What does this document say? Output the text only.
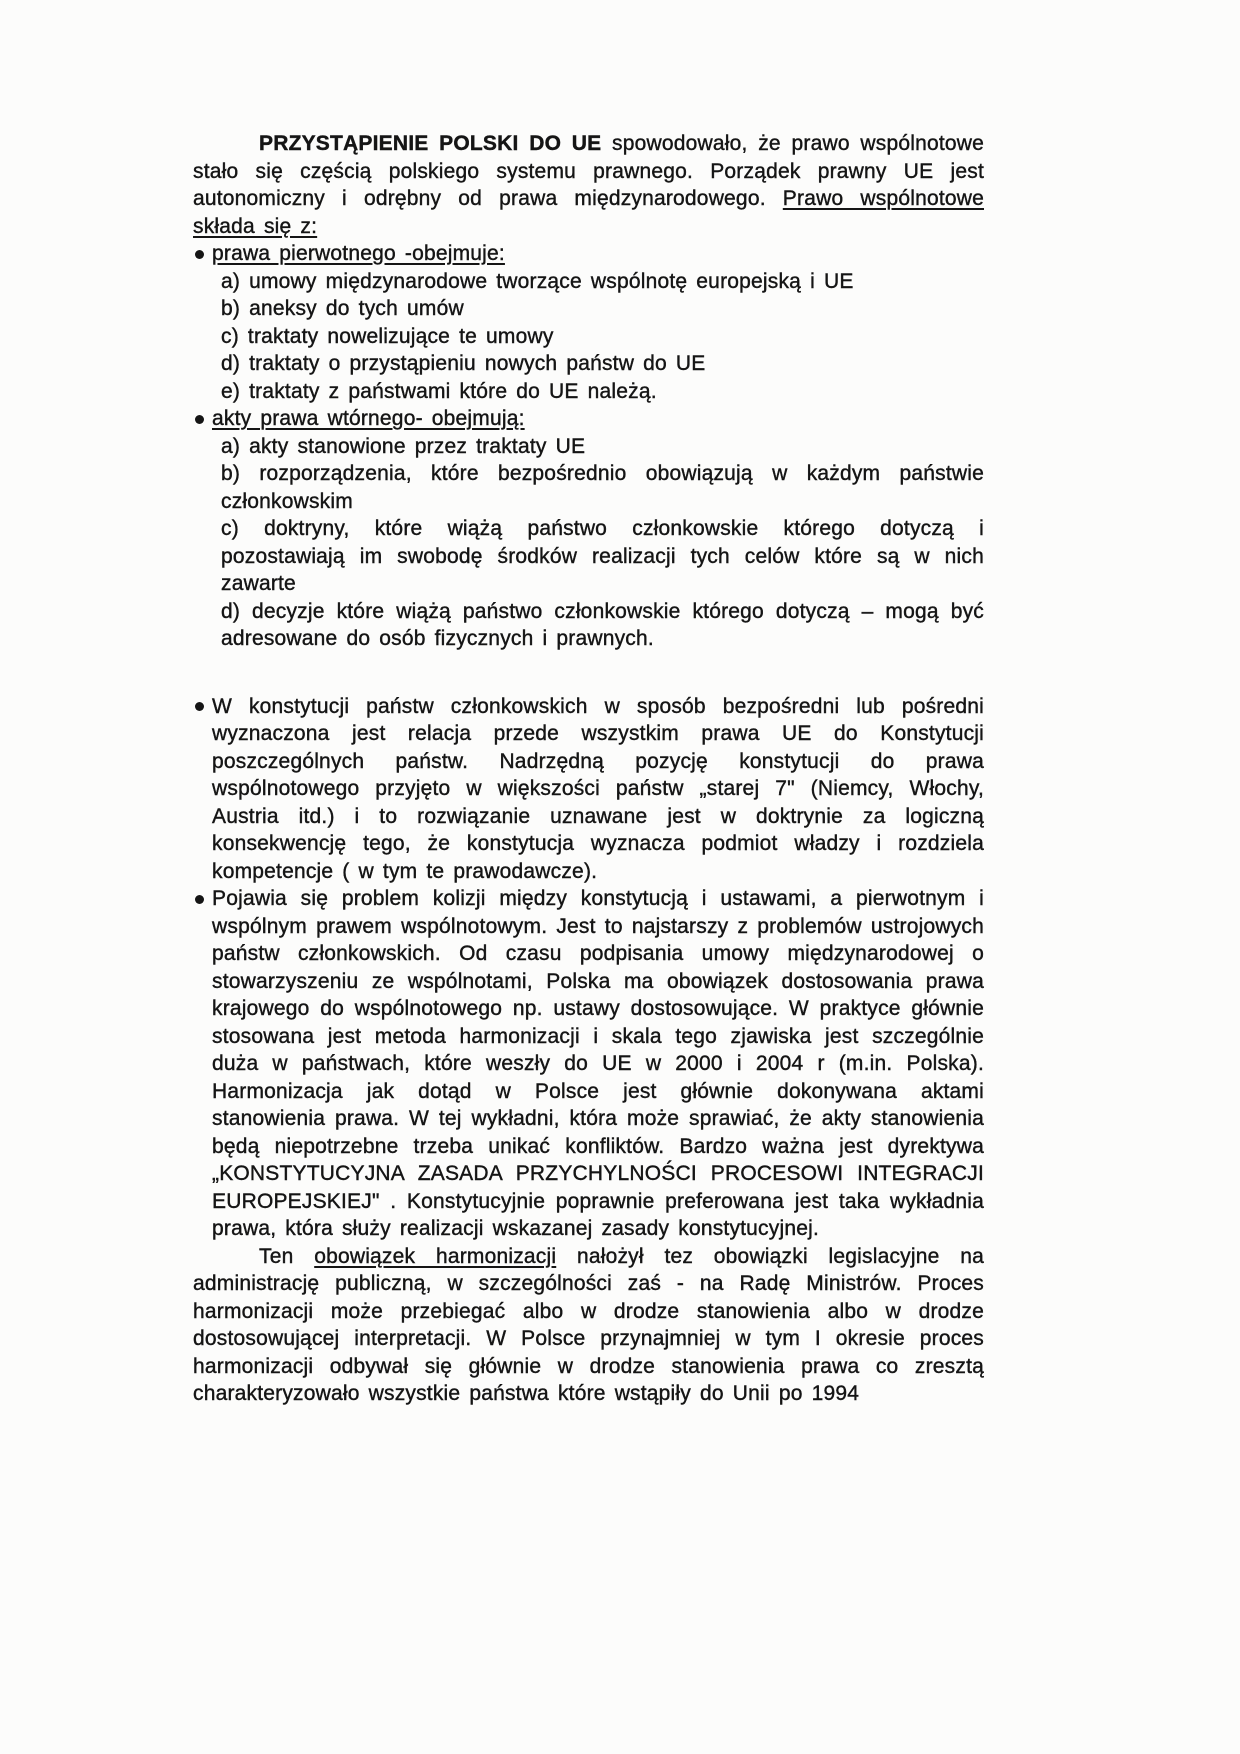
PRZYSTĄPIENIE POLSKI DO UE spowodowało, że prawo wspólnotowe stało się częścią polskiego systemu prawnego. Porządek prawny UE jest autonomiczny i odrębny od prawa międzynarodowego. Prawo wspólnotowe składa się z:

prawa pierwotnego -obejmuje:
a) umowy międzynarodowe tworzące wspólnotę europejską i UE
b) aneksy do tych umów
c) traktaty nowelizujące te umowy
d) traktaty o przystąpieniu nowych państw do UE
e) traktaty z państwami które do UE należą.
akty prawa wtórnego- obejmują:
a) akty stanowione przez traktaty UE
b) rozporządzenia, które bezpośrednio obowiązują w każdym państwie członkowskim
c) doktryny, które wiążą państwo członkowskie którego dotyczą i pozostawiają im swobodę środków realizacji tych celów które są w nich zawarte
d) decyzje które wiążą państwo członkowskie którego dotyczą – mogą być adresowane do osób fizycznych i prawnych.

W konstytucji państw członkowskich w sposób bezpośredni lub pośredni wyznaczona jest relacja przede wszystkim prawa UE do Konstytucji poszczególnych państw. Nadrzędną pozycję konstytucji do prawa wspólnotowego przyjęto w większości państw „starej 7" (Niemcy, Włochy, Austria itd.) i to rozwiązanie uznawane jest w doktrynie za logiczną konsekwencję tego, że konstytucja wyznacza podmiot władzy i rozdziela kompetencje ( w tym te prawodawcze).

Pojawia się problem kolizji między konstytucją i ustawami, a pierwotnym i wspólnym prawem wspólnotowym. Jest to najstarszy z problemów ustrojowych państw członkowskich. Od czasu podpisania umowy międzynarodowej o stowarzyszeniu ze wspólnotami, Polska ma obowiązek dostosowania prawa krajowego do wspólnotowego np. ustawy dostosowujące. W praktyce głównie stosowana jest metoda harmonizacji i skala tego zjawiska jest szczególnie duża w państwach, które weszły do UE w 2000 i 2004 r (m.in. Polska). Harmonizacja jak dotąd w Polsce jest głównie dokonywana aktami stanowienia prawa. W tej wykładni, która może sprawiać, że akty stanowienia będą niepotrzebne trzeba unikać konfliktów. Bardzo ważna jest dyrektywa „KONSTYTUCYJNA ZASADA PRZYCHYLNOŚCI PROCESOWI INTEGRACJI EUROPEJSKIEJ" . Konstytucyjnie poprawnie preferowana jest taka wykładnia prawa, która służy realizacji wskazanej zasady konstytucyjnej.

Ten obowiązek harmonizacji nałożył tez obowiązki legislacyjne na administrację publiczną, w szczególności zaś - na Radę Ministrów. Proces harmonizacji może przebiegać albo w drodze stanowienia albo w drodze dostosowującej interpretacji. W Polsce przynajmniej w tym I okresie proces harmonizacji odbywał się głównie w drodze stanowienia prawa co zresztą charakteryzowało wszystkie państwa które wstąpiły do Unii po 1994
